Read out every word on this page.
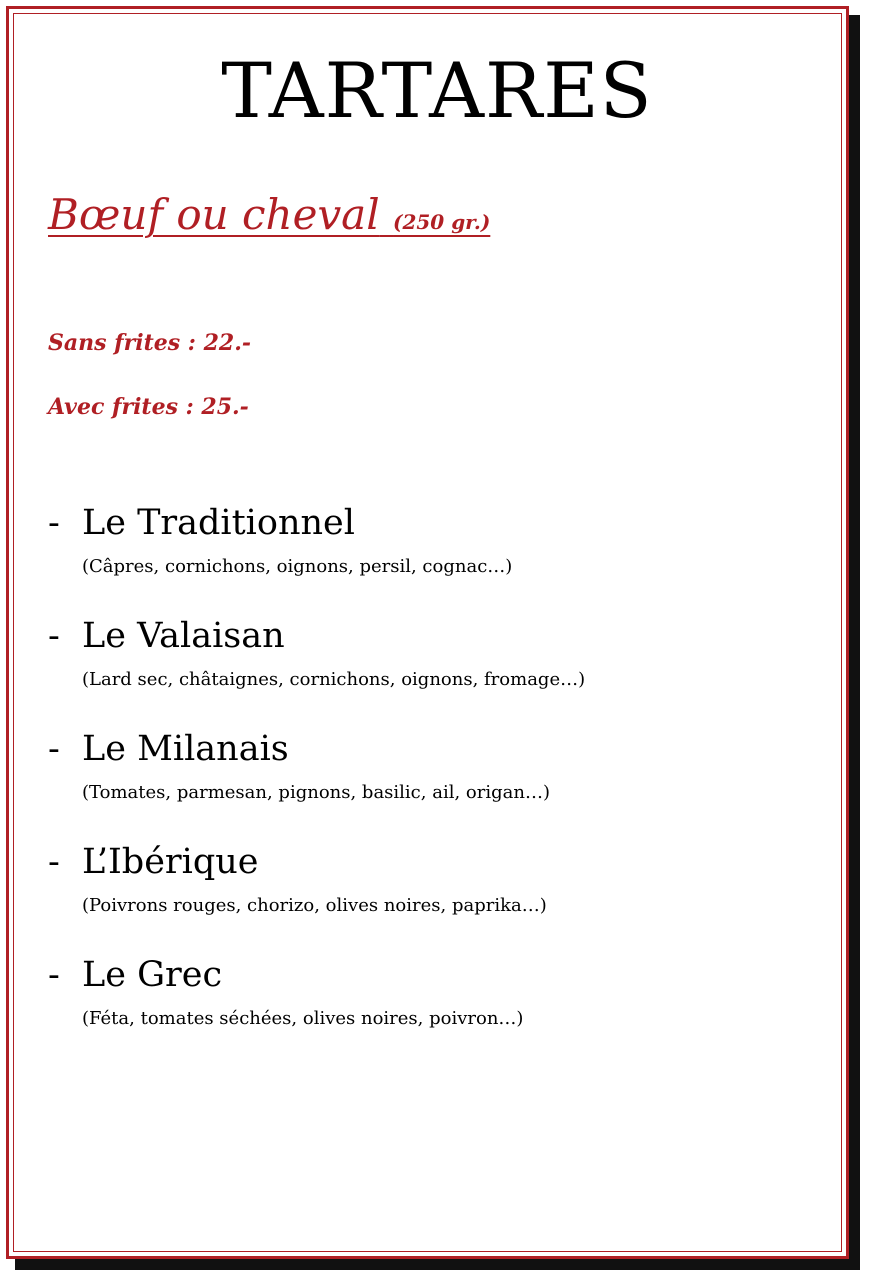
TARTARES
Bœuf ou cheval (250 gr.)
Sans frites : 22.-
Avec frites : 25.-
- Le Traditionnel
(Câpres, cornichons, oignons, persil, cognac…)
- Le Valaisan
(Lard sec, châtaignes, cornichons, oignons, fromage…)
- Le Milanais
(Tomates, parmesan, pignons, basilic, ail, origan…)
- L’Ibérique
(Poivrons rouges, chorizo, olives noires, paprika…)
- Le Grec
(Féta, tomates séchées, olives noires, poivron…)
